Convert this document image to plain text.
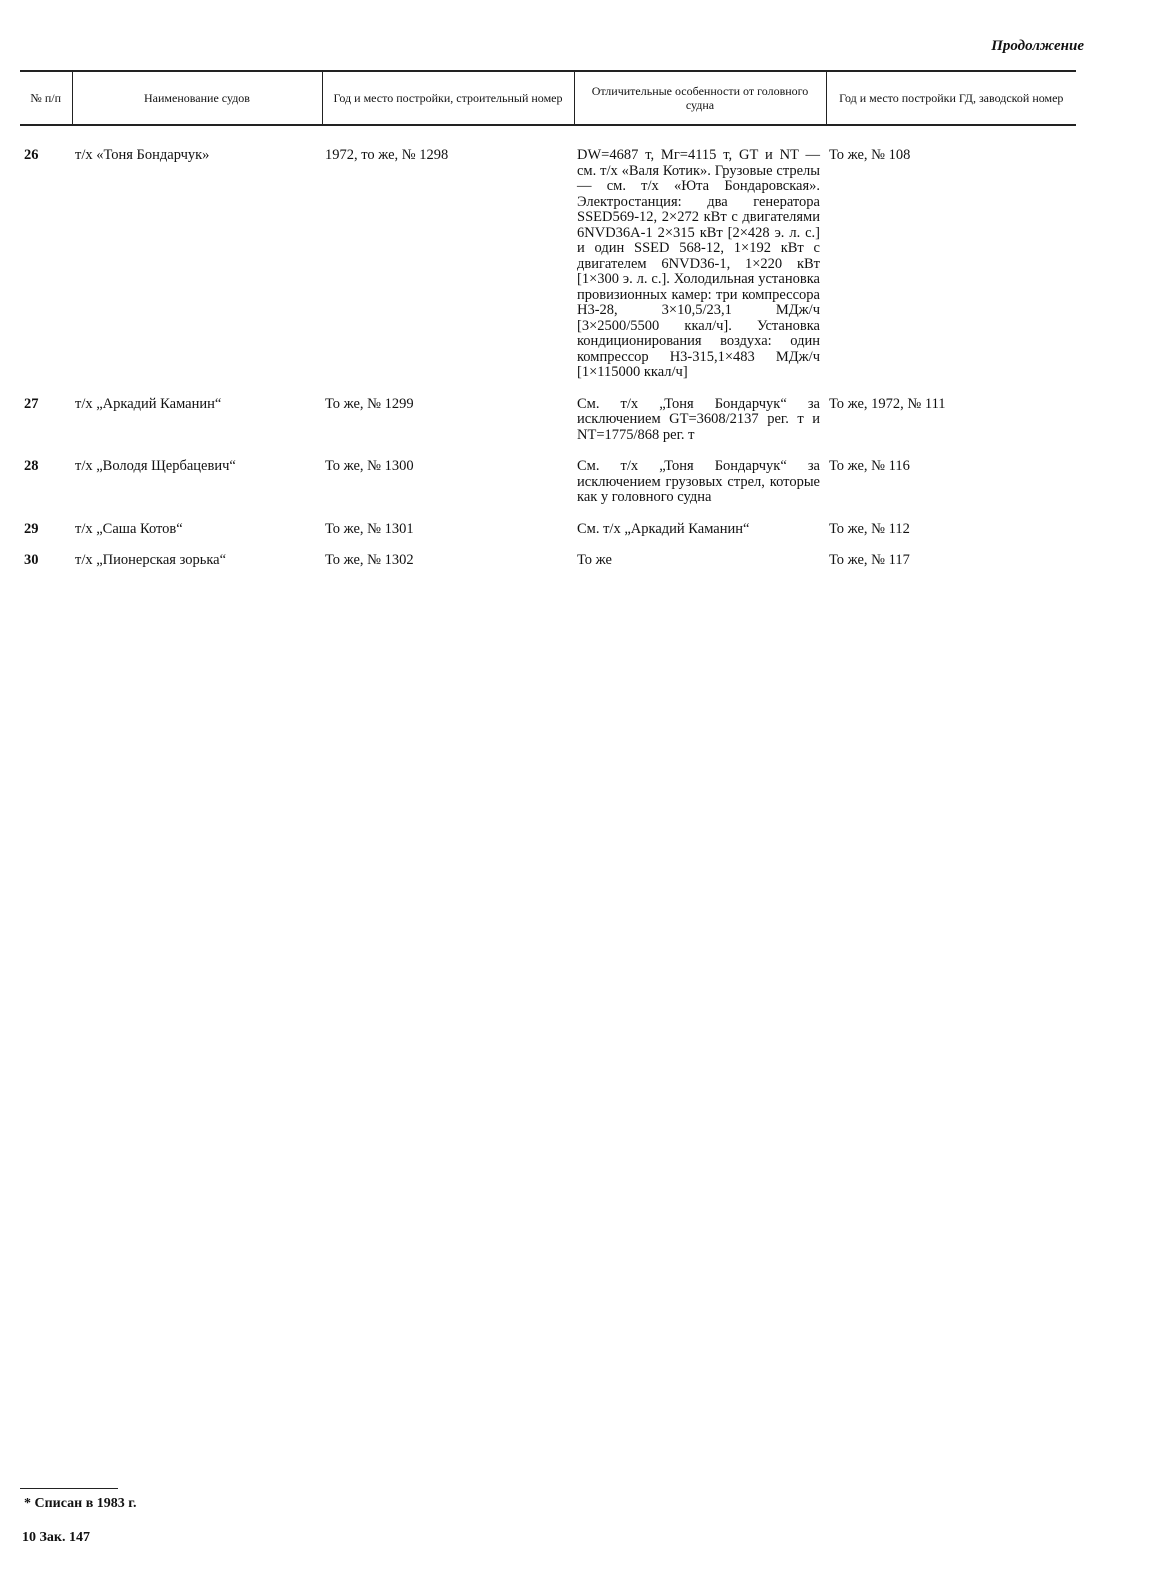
Продолжение
№ п/п	Наименование судов	Год и место постройки, строительный номер	Отличительные особенности от головного судна	Год и место постройки ГД, заводской номер
26	т/х «Тоня Бондарчук»	1972, то же, № 1298	DW=4687 т, Mг=4115 т, GT и NT — см. т/х «Валя Котик». Грузовые стрелы — см. т/х «Юта Бондаровская». Электростанция: два генератора SSED569-12, 2×272 кВт с двигателями 6NVD36A-1 2×315 кВт [2×428 э. л. с.] и один SSED 568-12, 1×192 кВт с двигателем 6NVD36-1, 1×220 кВт [1×300 э. л. с.]. Холодильная установка провизионных камер: три компрессора Н3-28, 3×10,5/23,1 МДж/ч [3×2500/5500 ккал/ч]. Установка кондиционирования воздуха: один компрессор Н3-315,1×483 МДж/ч [1×115000 ккал/ч]	То же, № 108
27	т/х „Аркадий Каманин“	То же, № 1299	См. т/х „Тоня Бондарчук“ за исключением GT=3608/2137 рег. т и NT=1775/868 рег. т	То же, 1972, № 111
28	т/х „Володя Щербацевич“	То же, № 1300	См. т/х „Тоня Бондарчук“ за исключением грузовых стрел, которые как у головного судна	То же, № 116
29	т/х „Саша Котов“	То же, № 1301	См. т/х „Аркадий Каманин“	То же, № 112
30	т/х „Пионерская зорька“	То же, № 1302	То же	То же, № 117
* Списан в 1983 г.
10 Зак. 147
